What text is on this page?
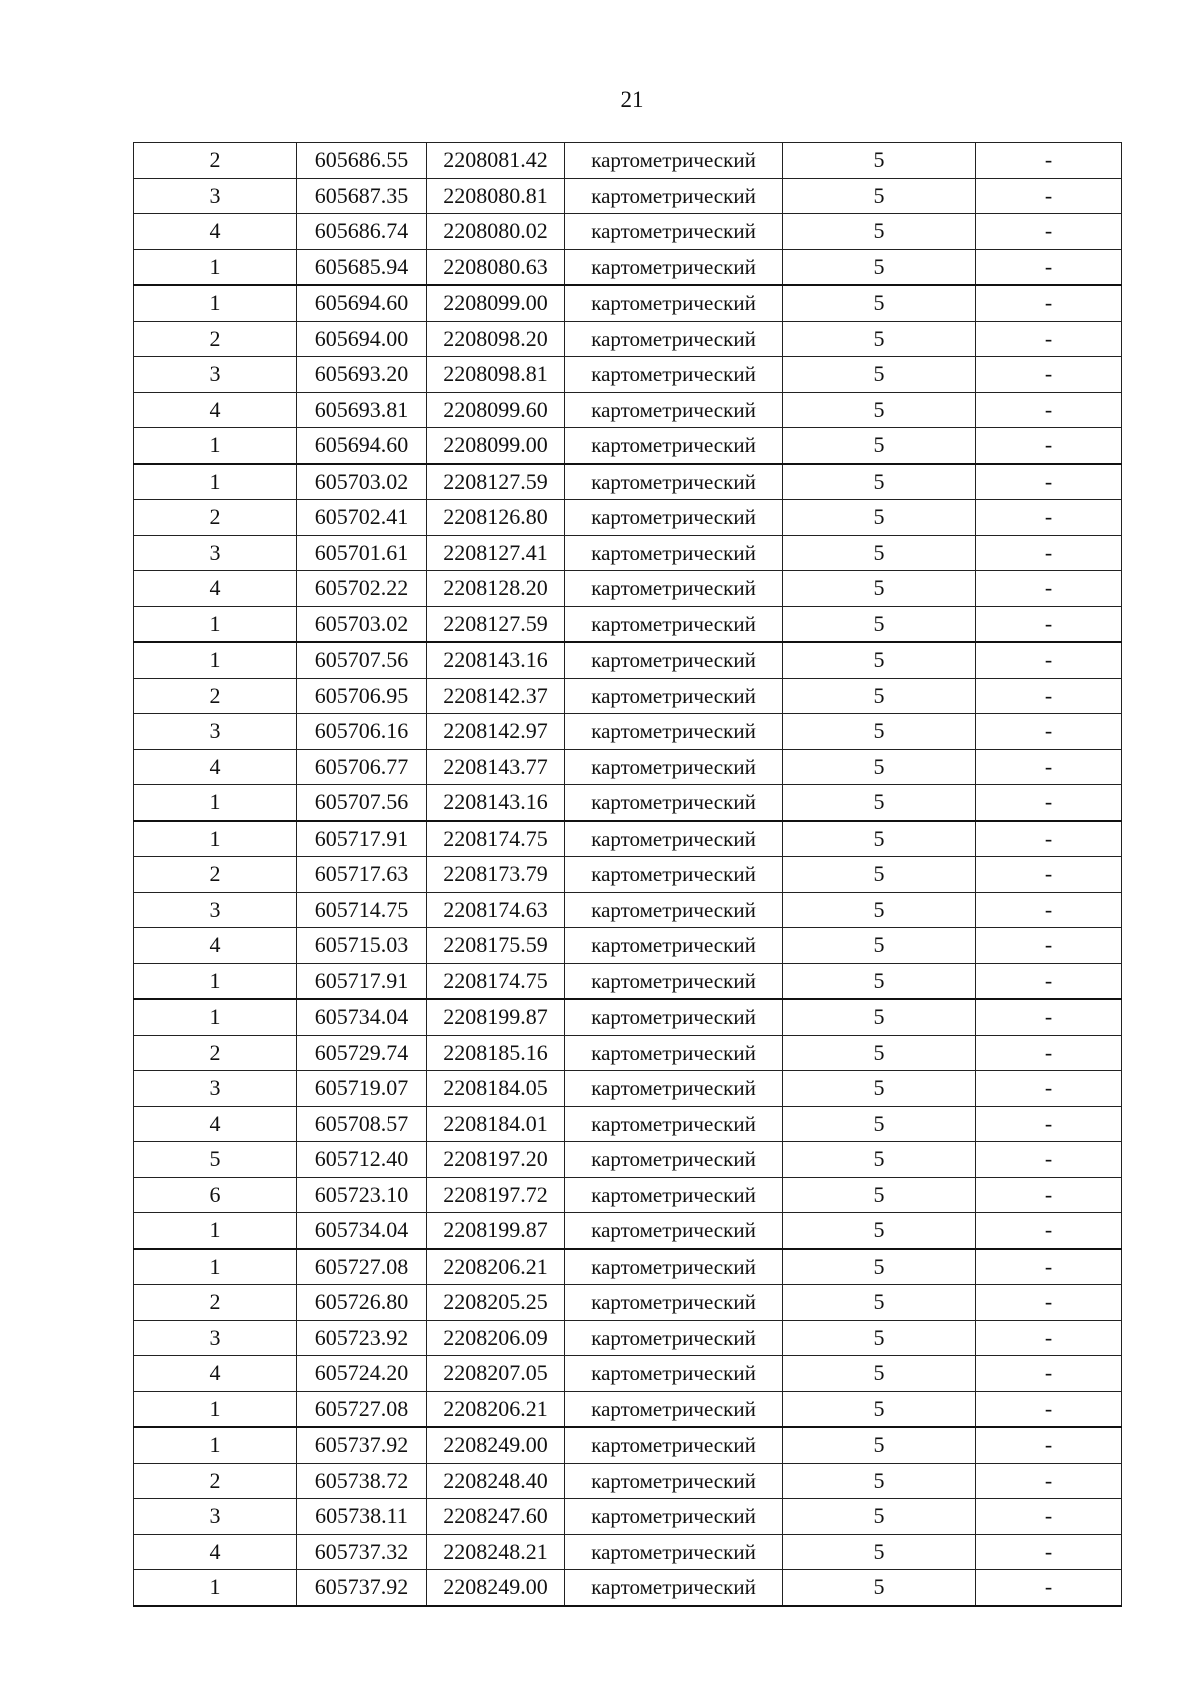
21
2	605686.55	2208081.42	картометрический	5	-
3	605687.35	2208080.81	картометрический	5	-
4	605686.74	2208080.02	картометрический	5	-
1	605685.94	2208080.63	картометрический	5	-
1	605694.60	2208099.00	картометрический	5	-
2	605694.00	2208098.20	картометрический	5	-
3	605693.20	2208098.81	картометрический	5	-
4	605693.81	2208099.60	картометрический	5	-
1	605694.60	2208099.00	картометрический	5	-
1	605703.02	2208127.59	картометрический	5	-
2	605702.41	2208126.80	картометрический	5	-
3	605701.61	2208127.41	картометрический	5	-
4	605702.22	2208128.20	картометрический	5	-
1	605703.02	2208127.59	картометрический	5	-
1	605707.56	2208143.16	картометрический	5	-
2	605706.95	2208142.37	картометрический	5	-
3	605706.16	2208142.97	картометрический	5	-
4	605706.77	2208143.77	картометрический	5	-
1	605707.56	2208143.16	картометрический	5	-
1	605717.91	2208174.75	картометрический	5	-
2	605717.63	2208173.79	картометрический	5	-
3	605714.75	2208174.63	картометрический	5	-
4	605715.03	2208175.59	картометрический	5	-
1	605717.91	2208174.75	картометрический	5	-
1	605734.04	2208199.87	картометрический	5	-
2	605729.74	2208185.16	картометрический	5	-
3	605719.07	2208184.05	картометрический	5	-
4	605708.57	2208184.01	картометрический	5	-
5	605712.40	2208197.20	картометрический	5	-
6	605723.10	2208197.72	картометрический	5	-
1	605734.04	2208199.87	картометрический	5	-
1	605727.08	2208206.21	картометрический	5	-
2	605726.80	2208205.25	картометрический	5	-
3	605723.92	2208206.09	картометрический	5	-
4	605724.20	2208207.05	картометрический	5	-
1	605727.08	2208206.21	картометрический	5	-
1	605737.92	2208249.00	картометрический	5	-
2	605738.72	2208248.40	картометрический	5	-
3	605738.11	2208247.60	картометрический	5	-
4	605737.32	2208248.21	картометрический	5	-
1	605737.92	2208249.00	картометрический	5	-
